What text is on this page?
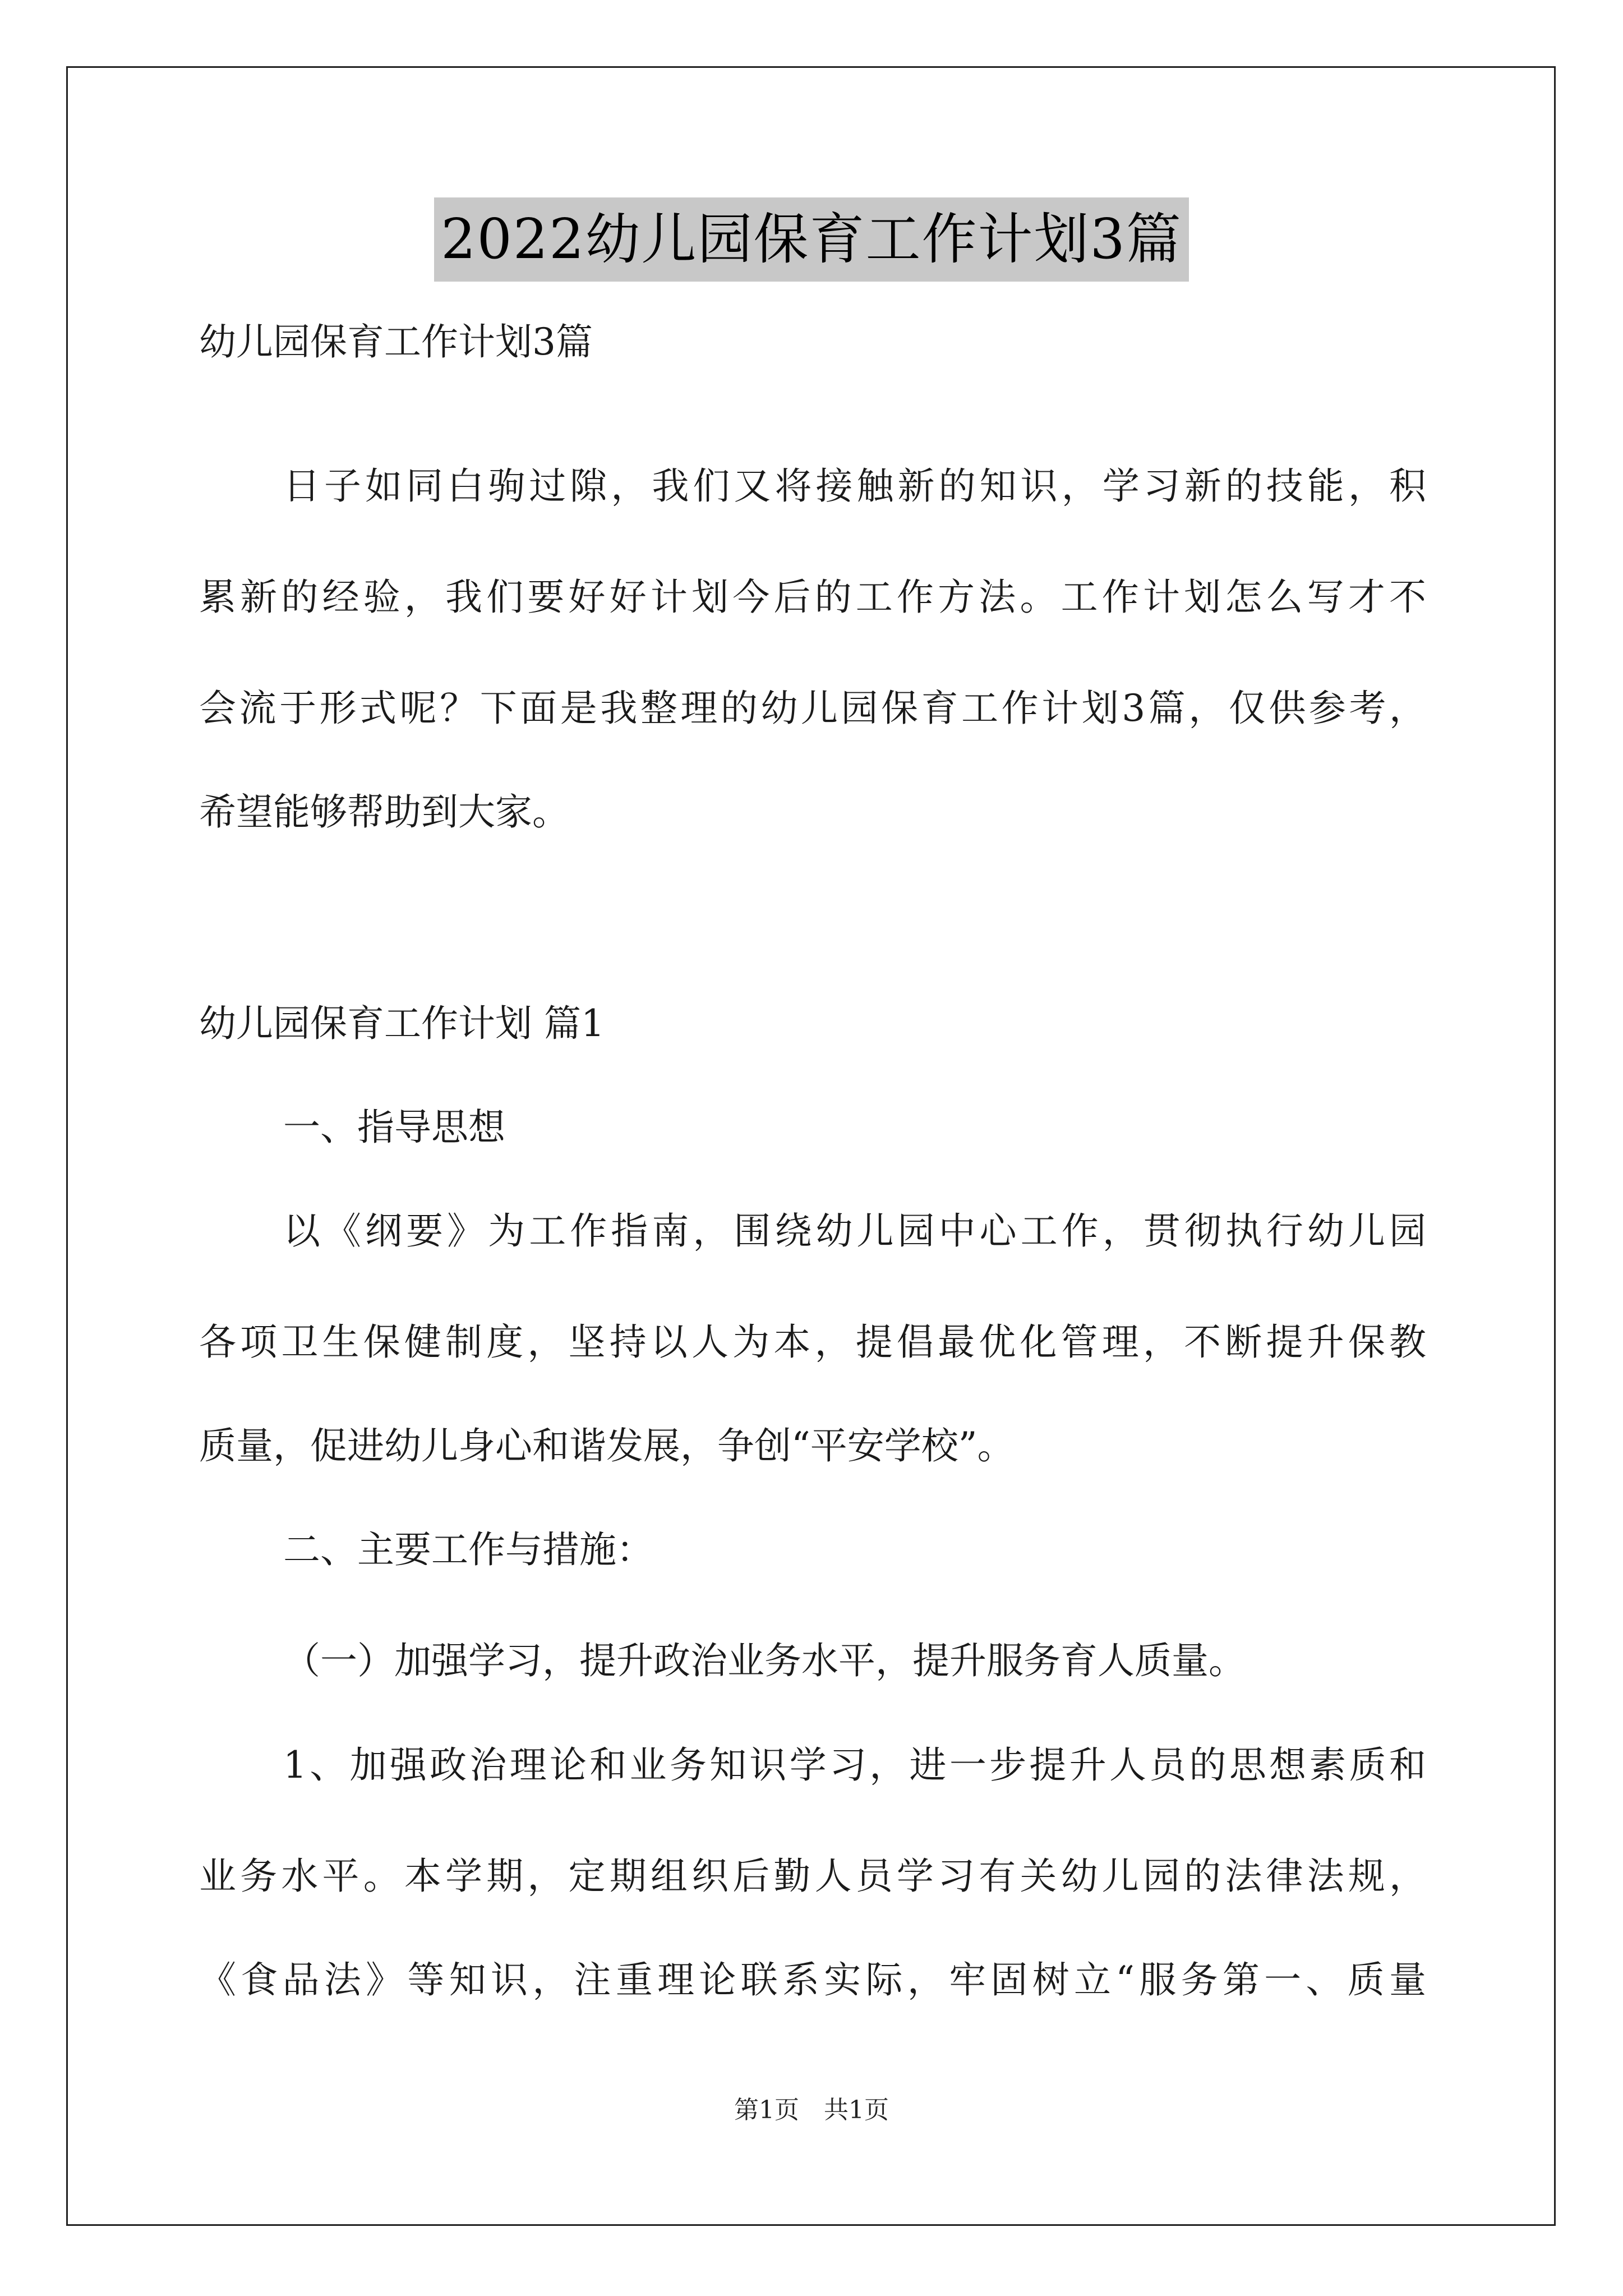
2022幼儿园保育工作计划3篇
幼儿园保育工作计划3篇
日子如同白驹过隙，我们又将接触新的知识，学习新的技能，积
累新的经验，我们要好好计划今后的工作方法。工作计划怎么写才不
会流于形式呢？下面是我整理的幼儿园保育工作计划3篇，仅供参考，
希望能够帮助到大家。
幼儿园保育工作计划 篇1
一、指导思想
以《纲要》为工作指南，围绕幼儿园中心工作，贯彻执行幼儿园
各项卫生保健制度，坚持以人为本，提倡最优化管理，不断提升保教
质量，促进幼儿身心和谐发展，争创“平安学校”。
二、主要工作与措施：
（一）加强学习，提升政治业务水平，提升服务育人质量。
1、加强政治理论和业务知识学习，进一步提升人员的思想素质和
业务水平。本学期，定期组织后勤人员学习有关幼儿园的法律法规，
《食品法》等知识，注重理论联系实际，牢固树立“服务第一、质量
第1页　共1页
